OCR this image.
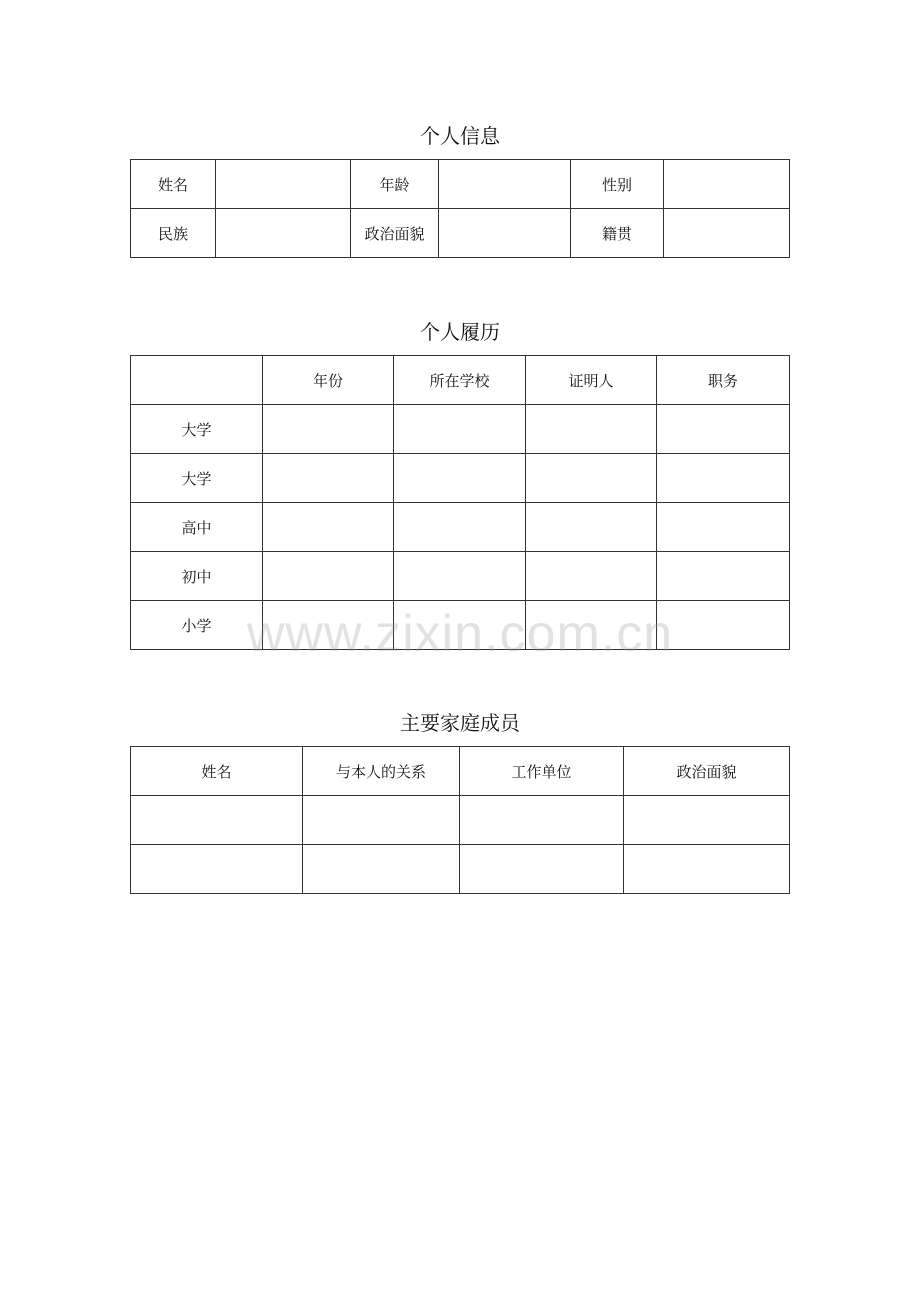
个人信息
姓名		年龄		性别	
民族		政治面貌		籍贯	
个人履历
	年份	所在学校	证明人	职务
大学				
大学				
高中				
初中				
小学				
主要家庭成员
姓名	与本人的关系	工作单位	政治面貌

www.zixin.com.cn
